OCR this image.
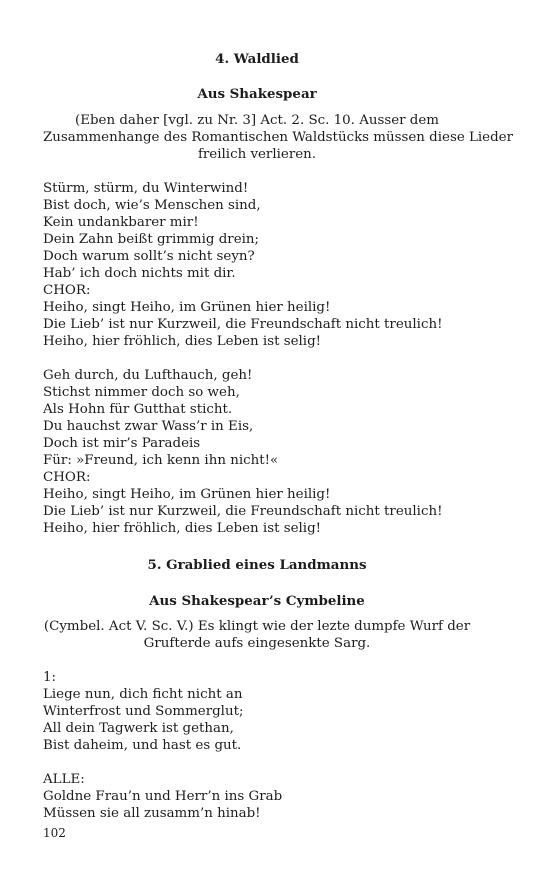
4. Waldlied
Aus Shakespear
(Eben daher [vgl. zu Nr. 3] Act. 2. Sc. 10. Ausser dem
Zusammenhange des Romantischen Waldstücks müssen diese Lieder
freilich verlieren.
Stürm, stürm, du Winterwind!
Bist doch, wie’s Menschen sind,
Kein undankbarer mir!
Dein Zahn beißt grimmig drein;
Doch warum sollt’s nicht seyn?
Hab’ ich doch nichts mit dir.
CHOR:
Heiho, singt Heiho, im Grünen hier heilig!
Die Lieb’ ist nur Kurzweil, die Freundschaft nicht treulich!
Heiho, hier fröhlich, dies Leben ist selig!
Geh durch, du Lufthauch, geh!
Stichst nimmer doch so weh,
Als Hohn für Gutthat sticht.
Du hauchst zwar Wass’r in Eis,
Doch ist mir’s Paradeis
Für: »Freund, ich kenn ihn nicht!«
CHOR:
Heiho, singt Heiho, im Grünen hier heilig!
Die Lieb’ ist nur Kurzweil, die Freundschaft nicht treulich!
Heiho, hier fröhlich, dies Leben ist selig!
5. Grablied eines Landmanns
Aus Shakespear’s Cymbeline
(Cymbel. Act V. Sc. V.) Es klingt wie der lezte dumpfe Wurf der
Grufterde aufs eingesenkte Sarg.
1:
Liege nun, dich ficht nicht an
Winterfrost und Sommerglut;
All dein Tagwerk ist gethan,
Bist daheim, und hast es gut.
ALLE:
Goldne Frau’n und Herr’n ins Grab
Müssen sie all zusamm’n hinab!
102
